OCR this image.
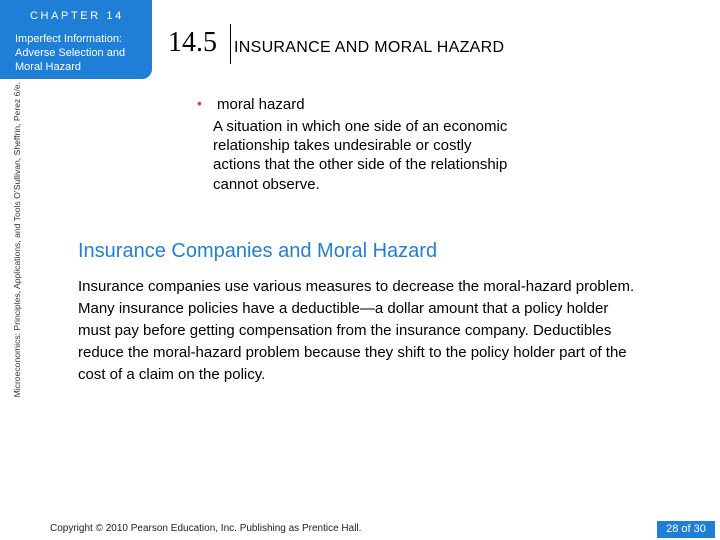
CHAPTER 14
Imperfect Information:
Adverse Selection and
Moral Hazard
Microeconomics: Principles, Applications, and Tools O’Sullivan, Sheffrin, Perez 6/e.
14.5 INSURANCE AND MORAL HAZARD
• moral hazard
A situation in which one side of an economic relationship takes undesirable or costly actions that the other side of the relationship cannot observe.
Insurance Companies and Moral Hazard
Insurance companies use various measures to decrease the moral-hazard problem. Many insurance policies have a deductible—a dollar amount that a policy holder must pay before getting compensation from the insurance company. Deductibles reduce the moral-hazard problem because they shift to the policy holder part of the cost of a claim on the policy.
Copyright © 2010 Pearson Education, Inc. Publishing as Prentice Hall.	28 of 30
